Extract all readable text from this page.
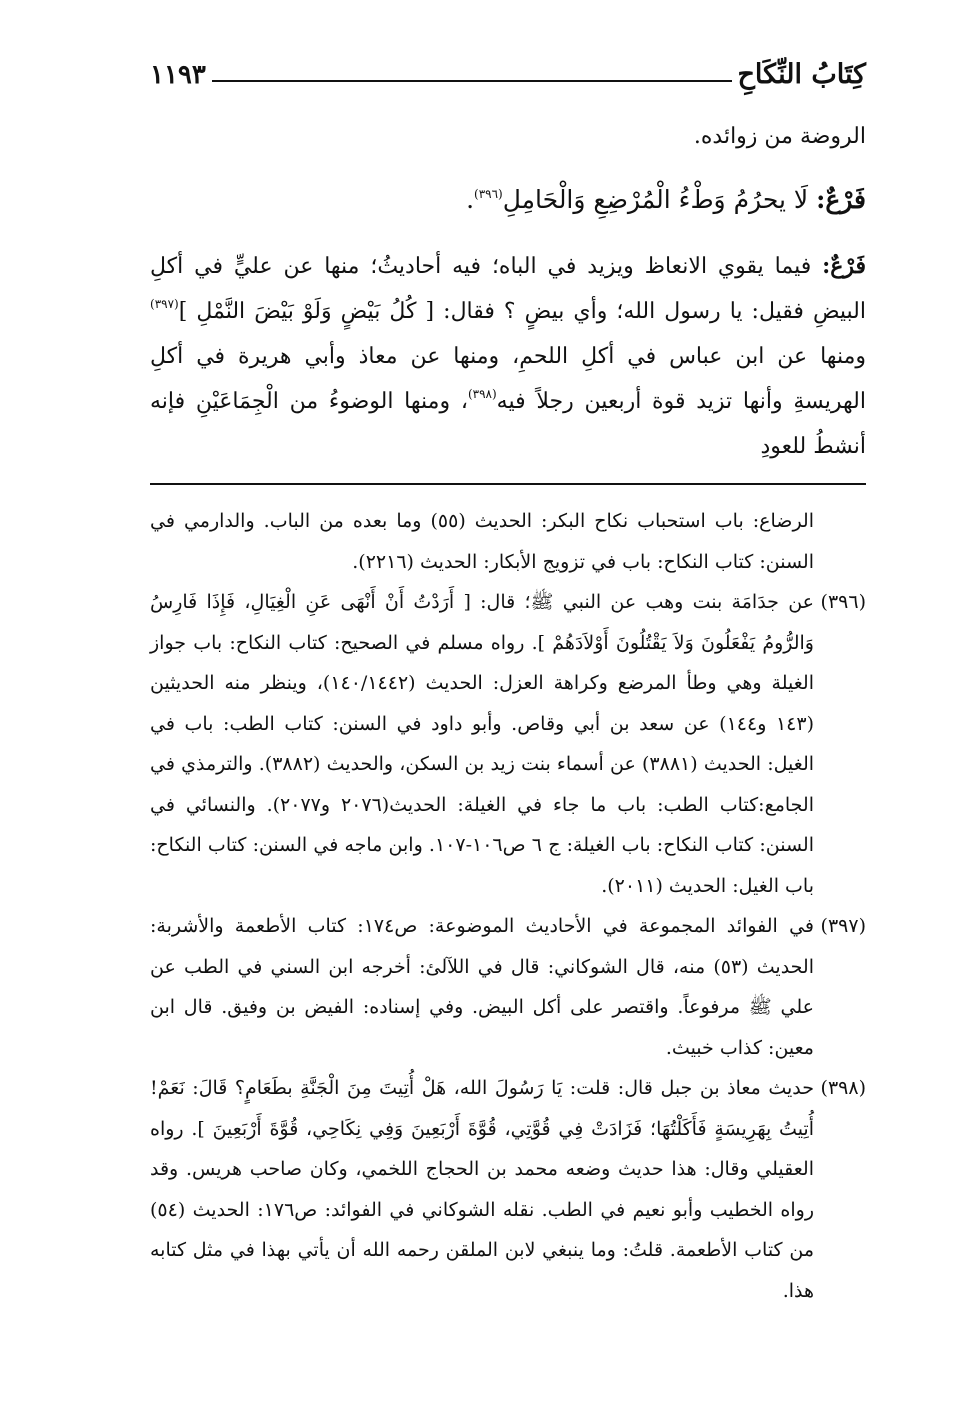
كِتَابُ النِّكَاحِ
١١٩٣

الروضة من زوائده.

فَرْعٌ: لَا يحرُمُ وَطْءُ الْمُرْضِعِ وَالْحَامِلِ$^{(٣٩٦)}$.

فَرْعٌ: فيما يقوي الانعاظ ويزيد في الباه؛ فيه أحاديثُ؛ منها عن عليٍّ في أكلِ البيضِ فقيل: يا رسول الله؛ وأي بيضٍ ؟ فقال: [ كُلُ بَيْضٍ وَلَوْ بَيْضَ النَّمْلِ ]$^{(٣٩٧)}$ ومنها عن ابن عباس في أكلِ اللحمِ، ومنها عن معاذ وأبي هريرة في أكلِ الهريسةِ وأنها تزيد قوة أربعين رجلاً فيه$^{(٣٩٨)}$، ومنها الوضوءُ من الْجِمَاعَيْنِ فإنه أنشطُ للعودِ

الرضاع: باب استحباب نكاح البكر: الحديث (٥٥) وما بعده من الباب. والدارمي في السنن: كتاب النكاح: باب في تزويج الأبكار: الحديث (٢٢١٦).

(٣٩٦)عن جدَامَة بنت وهب عن النبي ﷺ؛ قال: [ أَرَدْتُ أَنْ أَنْهَى عَنِ الْغِيَالِ، فَإِذَا فَارِسُ وَالرُّومُ يَفْعَلُونَ وَلاَ يَقْتُلُونَ أَوْلاَدَهُمْ ]. رواه مسلم في الصحيح: كتاب النكاح: باب جواز الغيلة وهي وطأ المرضع وكراهة العزل: الحديث (١٤٠/١٤٤٢)، وينظر منه الحديثين (١٤٣ و١٤٤) عن سعد بن أبي وقاص. وأبو داود في السنن: كتاب الطب: باب في الغيل: الحديث (٣٨٨١) عن أسماء بنت زيد بن السكن، والحديث (٣٨٨٢). والترمذي في الجامع:كتاب الطب: باب ما جاء في الغيلة: الحديث(٢٠٧٦ و٢٠٧٧). والنسائي في السنن: كتاب النكاح: باب الغيلة: ج ٦ ص١٠٦-١٠٧. وابن ماجه في السنن: كتاب النكاح: باب الغيل: الحديث (٢٠١١).

(٣٩٧)في الفوائد المجموعة في الأحاديث الموضوعة: ص١٧٤: كتاب الأطعمة والأشربة: الحديث (٥٣) منه، قال الشوكاني: قال في اللآلئ: أخرجه ابن السني في الطب عن علي ﷺ مرفوعاً. واقتصر على أكل البيض. وفي إسناده: الفيض بن وفيق. قال ابن معين: كذاب خبيث.

(٣٩٨)حديث معاذ بن جبل قال: قلت: يَا رَسُولَ الله، هَلْ أُتِيتَ مِنَ الْجَنَّةِ بطَعَامٍ؟ قَالَ: نَعَمْ! أُتِيتُ بِهَرِيسَةٍ فَأَكَلْتُهَا؛ فَزَادَتْ فِي قُوَّتِي، قُوَّةَ أَرْبَعِينَ وَفِي نِكَاحِي، قُوَّةَ أَرْبَعِينَ ]. رواه العقيلي وقال: هذا حديث وضعه محمد بن الحجاج اللخمي، وكان صاحب هريس. وقد رواه الخطيب وأبو نعيم في الطب. نقله الشوكاني في الفوائد: ص١٧٦: الحديث (٥٤) من كتاب الأطعمة. قلتُ: وما ينبغي لابن الملقن رحمه الله أن يأتي بهذا في مثل كتابه هذا.
